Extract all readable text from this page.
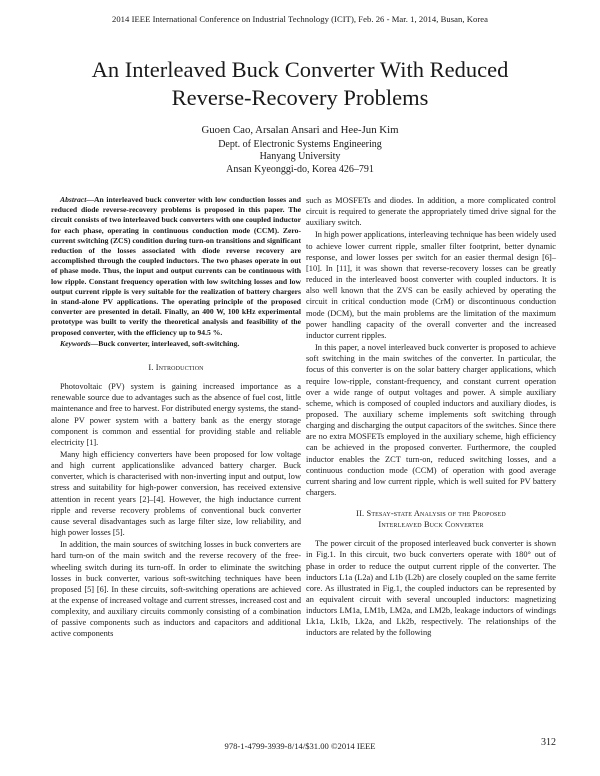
2014 IEEE International Conference on Industrial Technology (ICIT), Feb. 26 - Mar. 1, 2014, Busan, Korea
An Interleaved Buck Converter With Reduced
Reverse-Recovery Problems
Guoen Cao, Arsalan Ansari and Hee-Jun Kim
Dept. of Electronic Systems Engineering
Hanyang University
Ansan Kyeonggi-do, Korea 426–791

Abstract—An interleaved buck converter with low conduction losses and reduced diode reverse-recovery problems is proposed in this paper. The circuit consists of two interleaved buck converters with one coupled inductor for each phase, operating in continuous conduction mode (CCM). Zero-current switching (ZCS) condition during turn-on transitions and significant reduction of the losses associated with diode reverse recovery are accomplished through the coupled inductors. The two phases operate in out of phase mode. Thus, the input and output currents can be continuous with low ripple. Constant frequency operation with low switching losses and low output current ripple is very suitable for the realization of battery chargers in stand-alone PV applications. The operating principle of the proposed converter are presented in detail. Finally, an 400 W, 100 kHz experimental prototype was built to verify the theoretical analysis and feasibility of the proposed converter, with the efficiency up to 94.5 %.

Keywords—Buck converter, interleaved, soft-switching.

I. Introduction

Photovoltaic (PV) system is gaining increased importance as a renewable source due to advantages such as the absence of fuel cost, little maintenance and free to harvest. For distributed energy systems, the stand-alone PV power system with a battery bank as the energy storage component is common and essential for providing stable and reliable electricity [1].

Many high efficiency converters have been proposed for low voltage and high current applicationslike advanced battery charger. Buck converter, which is characterised with non-inverting input and output, low stress and suitability for high-power conversion, has received extensive attention in recent years [2]–[4]. However, the high inductance current ripple and reverse recovery problems of conventional buck converter cause several disadvantages such as large filter size, low reliability, and high power losses [5].

In addition, the main sources of switching losses in buck converters are hard turn-on of the main switch and the reverse recovery of the free-wheeling switch during its turn-off. In order to eliminate the switching losses in buck converter, various soft-switching techniques have been proposed [5] [6]. In these circuits, soft-switching operations are achieved at the expense of increased voltage and current stresses, increased cost and complexity, and auxiliary circuits commonly consisting of a combination of passive components such as inductors and capacitors and additional active components

such as MOSFETs and diodes. In addition, a more complicated control circuit is required to generate the appropriately timed drive signal for the auxiliary switch.

In high power applications, interleaving technique has been widely used to achieve lower current ripple, smaller filter footprint, better dynamic response, and lower losses per switch for an easier thermal design [6]–[10]. In [11], it was shown that reverse-recovery losses can be greatly reduced in the interleaved boost converter with coupled inductors. It is also well known that the ZVS can be easily achieved by operating the circuit in critical conduction mode (CrM) or discontinuous conduction mode (DCM), but the main problems are the limitation of the maximum power handling capacity of the overall converter and the increased inductor current ripples.

In this paper, a novel interleaved buck converter is proposed to achieve soft switching in the main switches of the converter. In particular, the focus of this converter is on the solar battery charger applications, which require low-ripple, constant-frequency, and constant current operation over a wide range of output voltages and power. A simple auxiliary scheme, which is composed of coupled inductors and auxiliary diodes, is proposed. The auxiliary scheme implements soft switching through charging and discharging the output capacitors of the switches. Since there are no extra MOSFETs employed in the auxiliary scheme, high efficiency can be achieved in the proposed converter. Furthermore, the coupled inductor enables the ZCT turn-on, reduced switching losses, and a continuous conduction mode (CCM) of operation with good average current sharing and low current ripple, which is well suited for PV battery chargers.

II. Stesay-state Analysis of the Proposed
Interleaved Buck Converter

The power circuit of the proposed interleaved buck converter is shown in Fig.1. In this circuit, two buck converters operate with 180° out of phase in order to reduce the output current ripple of the converter. The inductors L1a (L2a) and L1b (L2b) are closely coupled on the same ferrite core. As illustrated in Fig.1, the coupled inductors can be represented by an equivalent circuit with several uncoupled inductors: magnetizing inductors LM1a, LM1b, LM2a, and LM2b, leakage inductors of windings Lk1a, Lk1b, Lk2a, and Lk2b, respectively. The relationships of the inductors are related by the following

978-1-4799-3939-8/14/$31.00 ©2014 IEEE	312
